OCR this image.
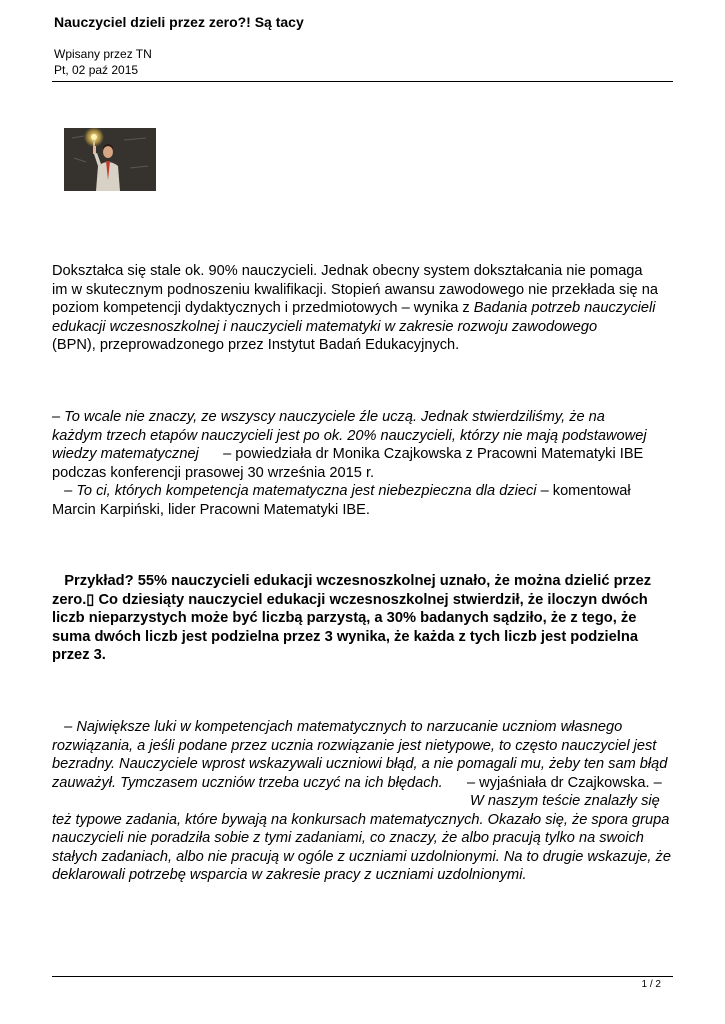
Nauczyciel dzieli przez zero?! Są tacy
Wpisany przez TN
Pt, 02 paź 2015
Dokształca się stale ok. 90% nauczycieli. Jednak obecny system dokształcania nie pomaga
im w skutecznym podnoszeniu kwalifikacji. Stopień awansu zawodowego nie przekłada się na
poziom kompetencji dydaktycznych i przedmiotowych – wynika z Badania potrzeb nauczycieli
edukacji wczesnoszkolnej i nauczycieli matematyki w zakresie rozwoju zawodowego
(BPN), przeprowadzonego przez Instytut Badań Edukacyjnych.
– To wcale nie znaczy, ze wszyscy nauczyciele źle uczą. Jednak stwierdziliśmy, że na
każdym trzech etapów nauczycieli jest po ok. 20% nauczycieli, którzy nie mają podstawowej
wiedzy matematycznej      – powiedziała dr Monika Czajkowska z Pracowni Matematyki IBE
podczas konferencji prasowej 30 września 2015 r.
– To ci, których kompetencja matematyczna jest niebezpieczna dla dzieci – komentował
Marcin Karpiński, lider Pracowni Matematyki IBE.
Przykład? 55% nauczycieli edukacji wczesnoszkolnej uznało, że można dzielić przez
zero.▯ Co dziesiąty nauczyciel edukacji wczesnoszkolnej stwierdził, że iloczyn dwóch
liczb nieparzystych może być liczbą parzystą, a 30% badanych sądziło, że z tego, że
suma dwóch liczb jest podzielna przez 3 wynika, że każda z tych liczb jest podzielna
przez 3.
– Największe luki w kompetencjach matematycznych to narzucanie uczniom własnego
rozwiązania, a jeśli podane przez ucznia rozwiązanie jest nietypowe, to często nauczyciel jest
bezradny. Nauczyciele wprost wskazywali uczniowi błąd, a nie pomagali mu, żeby ten sam błąd
zauważył. Tymczasem uczniów trzeba uczyć na ich błędach.      – wyjaśniała dr Czajkowska. –
W naszym teście znalazły się
też typowe zadania, które bywają na konkursach matematycznych. Okazało się, że spora grupa
nauczycieli nie poradziła sobie z tymi zadaniami, co znaczy, że albo pracują tylko na swoich
stałych zadaniach, albo nie pracują w ogóle z uczniami uzdolnionymi. Na to drugie wskazuje, że
deklarowali potrzebę wsparcia w zakresie pracy z uczniami uzdolnionymi.
1 / 2
